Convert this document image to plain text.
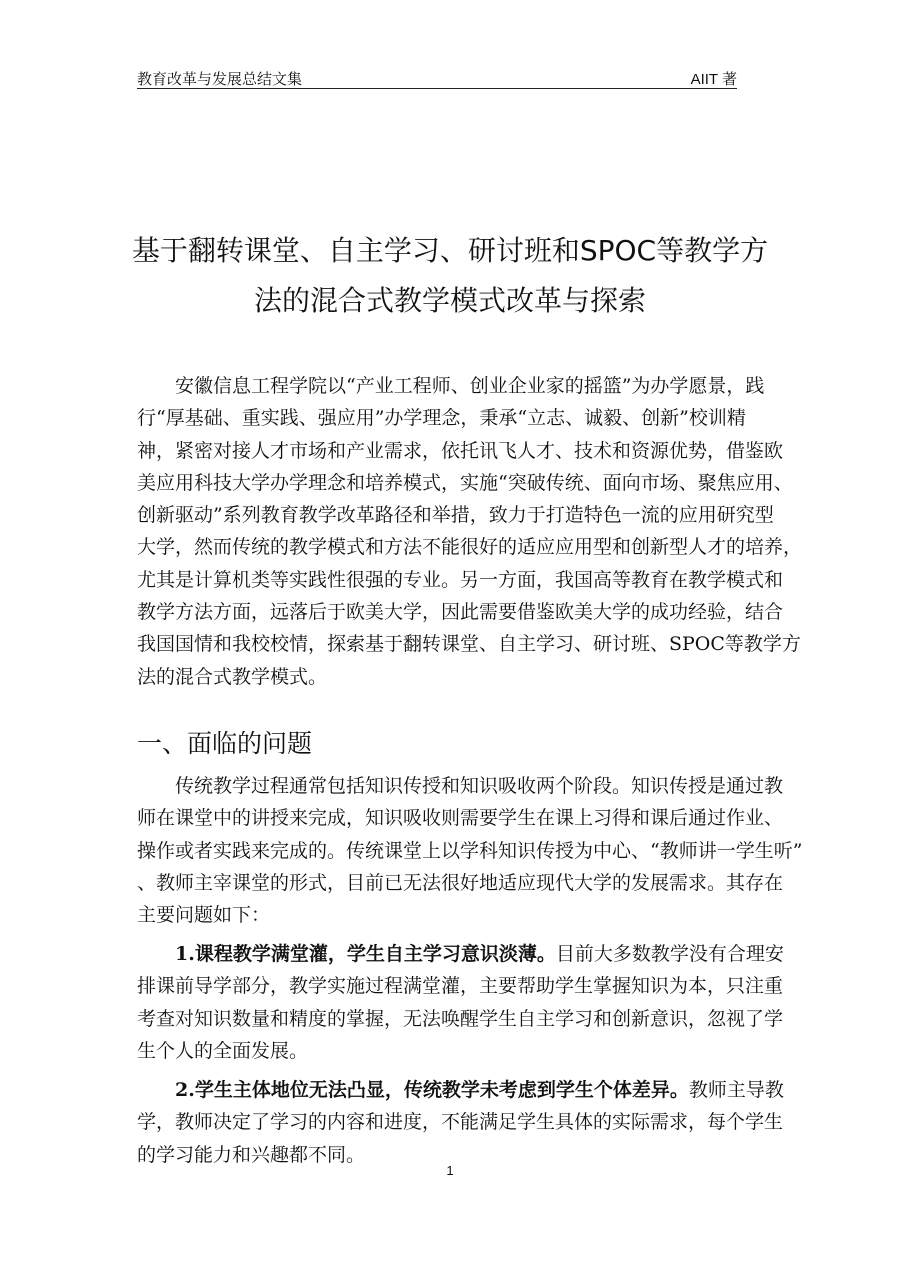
教育改革与发展总结文集	AIIT 著
基于翻转课堂、自主学习、研讨班和SPOC等教学方
法的混合式教学模式改革与探索
　　安徽信息工程学院以“产业工程师、创业企业家的摇篮”为办学愿景，践
行“厚基础、重实践、强应用”办学理念，秉承“立志、诚毅、创新”校训精
神，紧密对接人才市场和产业需求，依托讯飞人才、技术和资源优势，借鉴欧
美应用科技大学办学理念和培养模式，实施“突破传统、面向市场、聚焦应用、
创新驱动”系列教育教学改革路径和举措，致力于打造特色一流的应用研究型
大学，然而传统的教学模式和方法不能很好的适应应用型和创新型人才的培养，
尤其是计算机类等实践性很强的专业。另一方面，我国高等教育在教学模式和
教学方法方面，远落后于欧美大学，因此需要借鉴欧美大学的成功经验，结合
我国国情和我校校情，探索基于翻转课堂、自主学习、研讨班、SPOC等教学方
法的混合式教学模式。
一、面临的问题
　　传统教学过程通常包括知识传授和知识吸收两个阶段。知识传授是通过教
师在课堂中的讲授来完成，知识吸收则需要学生在课上习得和课后通过作业、
操作或者实践来完成的。传统课堂上以学科知识传授为中心、“教师讲一学生听”
、教师主宰课堂的形式，目前已无法很好地适应现代大学的发展需求。其存在
主要问题如下：
　　1.课程教学满堂灌，学生自主学习意识淡薄。目前大多数教学没有合理安
排课前导学部分，教学实施过程满堂灌，主要帮助学生掌握知识为本，只注重
考查对知识数量和精度的掌握，无法唤醒学生自主学习和创新意识，忽视了学
生个人的全面发展。
　　2.学生主体地位无法凸显，传统教学未考虑到学生个体差异。教师主导教
学，教师决定了学习的内容和进度，不能满足学生具体的实际需求，每个学生
的学习能力和兴趣都不同。
1
